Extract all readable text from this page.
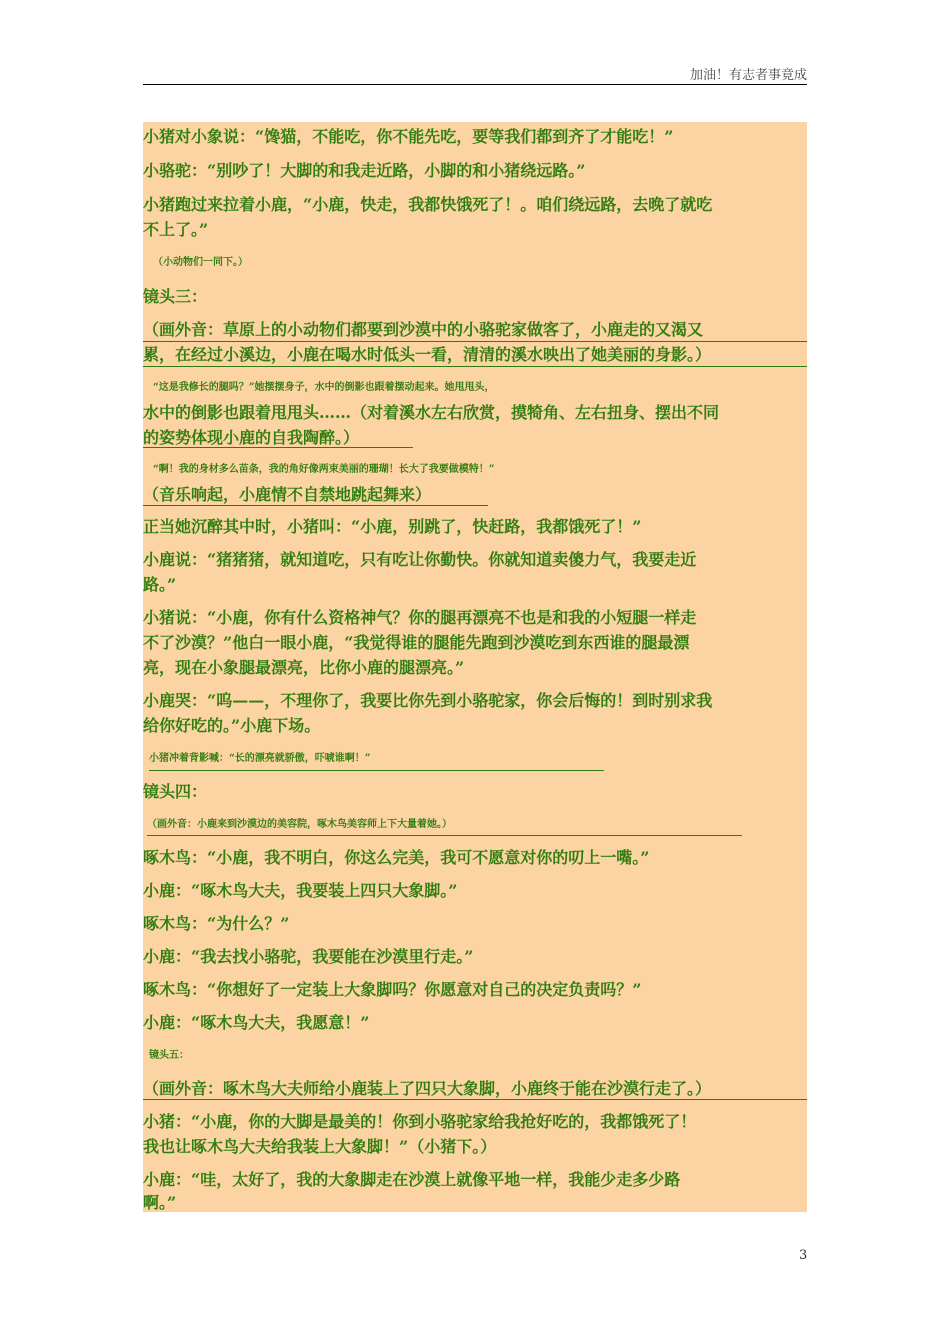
加油！有志者事竟成
小猪对小象说：“馋猫，不能吃，你不能先吃，要等我们都到齐了才能吃！”
小骆驼：“别吵了！大脚的和我走近路，小脚的和小猪绕远路。”
小猪跑过来拉着小鹿，“小鹿，快走，我都快饿死了！。咱们绕远路，去晚了就吃
不上了。”
（小动物们一同下。）
镜头三：
（画外音：草原上的小动物们都要到沙漠中的小骆驼家做客了，小鹿走的又渴又
累，在经过小溪边，小鹿在喝水时低头一看，清清的溪水映出了她美丽的身影。）
“这是我修长的腿吗？”她摆摆身子，水中的倒影也跟着摆动起来。她甩甩头，
水中的倒影也跟着甩甩头……（对着溪水左右欣赏，摸犄角、左右扭身、摆出不同
的姿势体现小鹿的自我陶醉。）
“啊！我的身材多么苗条，我的角好像两束美丽的珊瑚！长大了我要做模特！”
（音乐响起，小鹿情不自禁地跳起舞来）
正当她沉醉其中时，小猪叫：“小鹿，别跳了，快赶路，我都饿死了！”
小鹿说：“猪猪猪，就知道吃，只有吃让你勤快。你就知道卖傻力气，我要走近
路。”
小猪说：“小鹿，你有什么资格神气？你的腿再漂亮不也是和我的小短腿一样走
不了沙漠？”他白一眼小鹿，“我觉得谁的腿能先跑到沙漠吃到东西谁的腿最漂
亮，现在小象腿最漂亮，比你小鹿的腿漂亮。”
小鹿哭：“呜——，不理你了，我要比你先到小骆驼家，你会后悔的！到时别求我
给你好吃的。”小鹿下场。
小猪冲着背影喊：“长的漂亮就骄傲，吓唬谁啊！”
镜头四：
（画外音：小鹿来到沙漠边的美容院，啄木鸟美容师上下大量着她。）
啄木鸟：“小鹿，我不明白，你这么完美，我可不愿意对你的叨上一嘴。”
小鹿：“啄木鸟大夫，我要装上四只大象脚。”
啄木鸟：“为什么？”
小鹿：“我去找小骆驼，我要能在沙漠里行走。”
啄木鸟：“你想好了一定装上大象脚吗？你愿意对自己的决定负责吗？”
小鹿：“啄木鸟大夫，我愿意！”
镜头五：
（画外音：啄木鸟大夫师给小鹿装上了四只大象脚，小鹿终于能在沙漠行走了。）
小猪：“小鹿，你的大脚是最美的！你到小骆驼家给我抢好吃的，我都饿死了！
我也让啄木鸟大夫给我装上大象脚！”（小猪下。）
小鹿：“哇，太好了，我的大象脚走在沙漠上就像平地一样，我能少走多少路
啊。”
3
